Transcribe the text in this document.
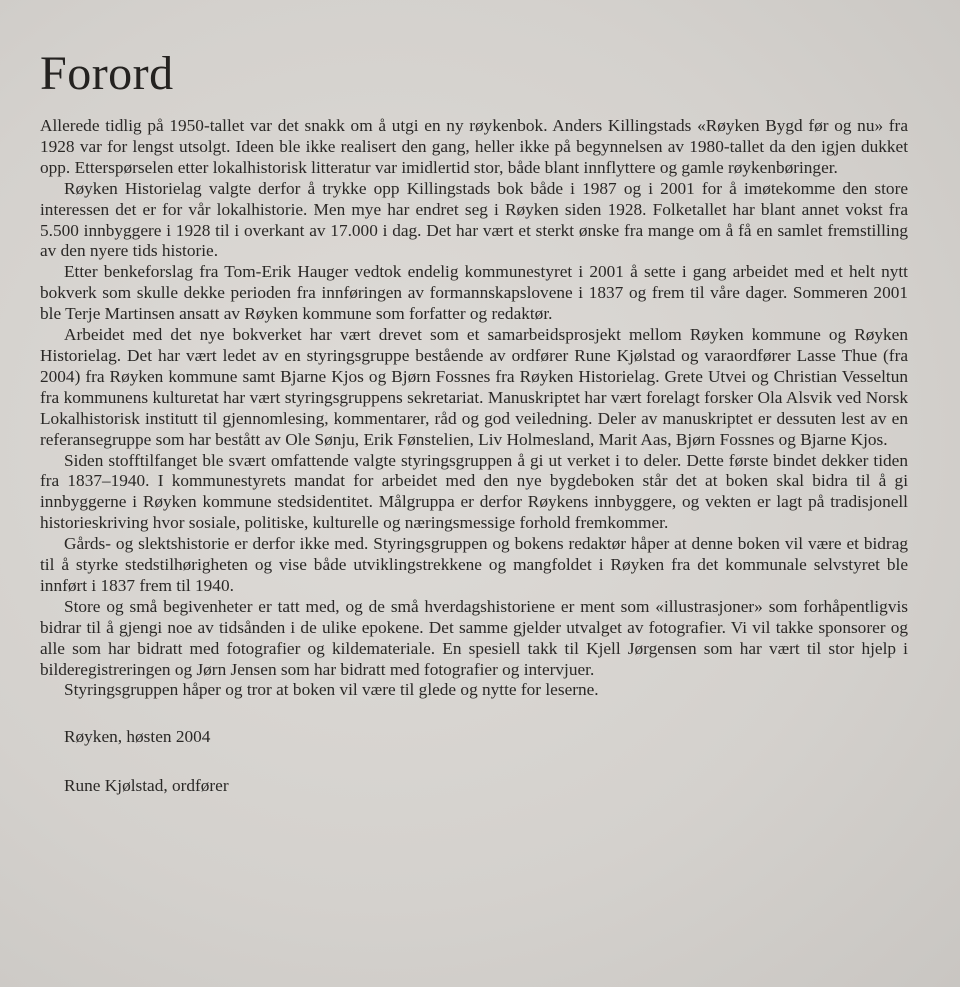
Forord

Allerede tidlig på 1950-tallet var det snakk om å utgi en ny røykenbok. Anders Killingstads «Røyken Bygd før og nu» fra 1928 var for lengst utsolgt. Ideen ble ikke realisert den gang, heller ikke på begynnelsen av 1980-tallet da den igjen dukket opp. Etterspørselen etter lokalhistorisk litteratur var imidlertid stor, både blant innflyttere og gamle røykenbøringer.

Røyken Historielag valgte derfor å trykke opp Killingstads bok både i 1987 og i 2001 for å imøtekomme den store interessen det er for vår lokalhistorie. Men mye har endret seg i Røyken siden 1928. Folketallet har blant annet vokst fra 5.500 innbyggere i 1928 til i overkant av 17.000 i dag. Det har vært et sterkt ønske fra mange om å få en samlet fremstilling av den nyere tids historie.

Etter benkeforslag fra Tom-Erik Hauger vedtok endelig kommunestyret i 2001 å sette i gang arbeidet med et helt nytt bokverk som skulle dekke perioden fra innføringen av formannskapslovene i 1837 og frem til våre dager. Sommeren 2001 ble Terje Martinsen ansatt av Røyken kommune som forfatter og redaktør.

Arbeidet med det nye bokverket har vært drevet som et samarbeidsprosjekt mellom Røyken kommune og Røyken Historielag. Det har vært ledet av en styringsgruppe bestående av ordfører Rune Kjølstad og varaordfører Lasse Thue (fra 2004) fra Røyken kommune samt Bjarne Kjos og Bjørn Fossnes fra Røyken Historielag. Grete Utvei og Christian Vesseltun fra kommunens kulturetat har vært styringsgruppens sekretariat. Manuskriptet har vært forelagt forsker Ola Alsvik ved Norsk Lokalhistorisk institutt til gjennomlesing, kommentarer, råd og god veiledning. Deler av manuskriptet er dessuten lest av en referansegruppe som har bestått av Ole Sønju, Erik Fønstelien, Liv Holmesland, Marit Aas, Bjørn Fossnes og Bjarne Kjos.

Siden stofftilfanget ble svært omfattende valgte styringsgruppen å gi ut verket i to deler. Dette første bindet dekker tiden fra 1837–1940. I kommunestyrets mandat for arbeidet med den nye bygdeboken står det at boken skal bidra til å gi innbyggerne i Røyken kommune stedsidentitet. Målgruppa er derfor Røykens innbyggere, og vekten er lagt på tradisjonell historieskriving hvor sosiale, politiske, kulturelle og næringsmessige forhold fremkommer.

Gårds- og slektshistorie er derfor ikke med. Styringsgruppen og bokens redaktør håper at denne boken vil være et bidrag til å styrke stedstilhørigheten og vise både utviklingstrekkene og mangfoldet i Røyken fra det kommunale selvstyret ble innført i 1837 frem til 1940.

Store og små begivenheter er tatt med, og de små hverdagshistoriene er ment som «illustrasjoner» som forhåpentligvis bidrar til å gjengi noe av tidsånden i de ulike epokene. Det samme gjelder utvalget av fotografier. Vi vil takke sponsorer og alle som har bidratt med fotografier og kildemateriale. En spesiell takk til Kjell Jørgensen som har vært til stor hjelp i bilderegistreringen og Jørn Jensen som har bidratt med fotografier og intervjuer.

Styringsgruppen håper og tror at boken vil være til glede og nytte for leserne.

Røyken, høsten 2004
Rune Kjølstad, ordfører
